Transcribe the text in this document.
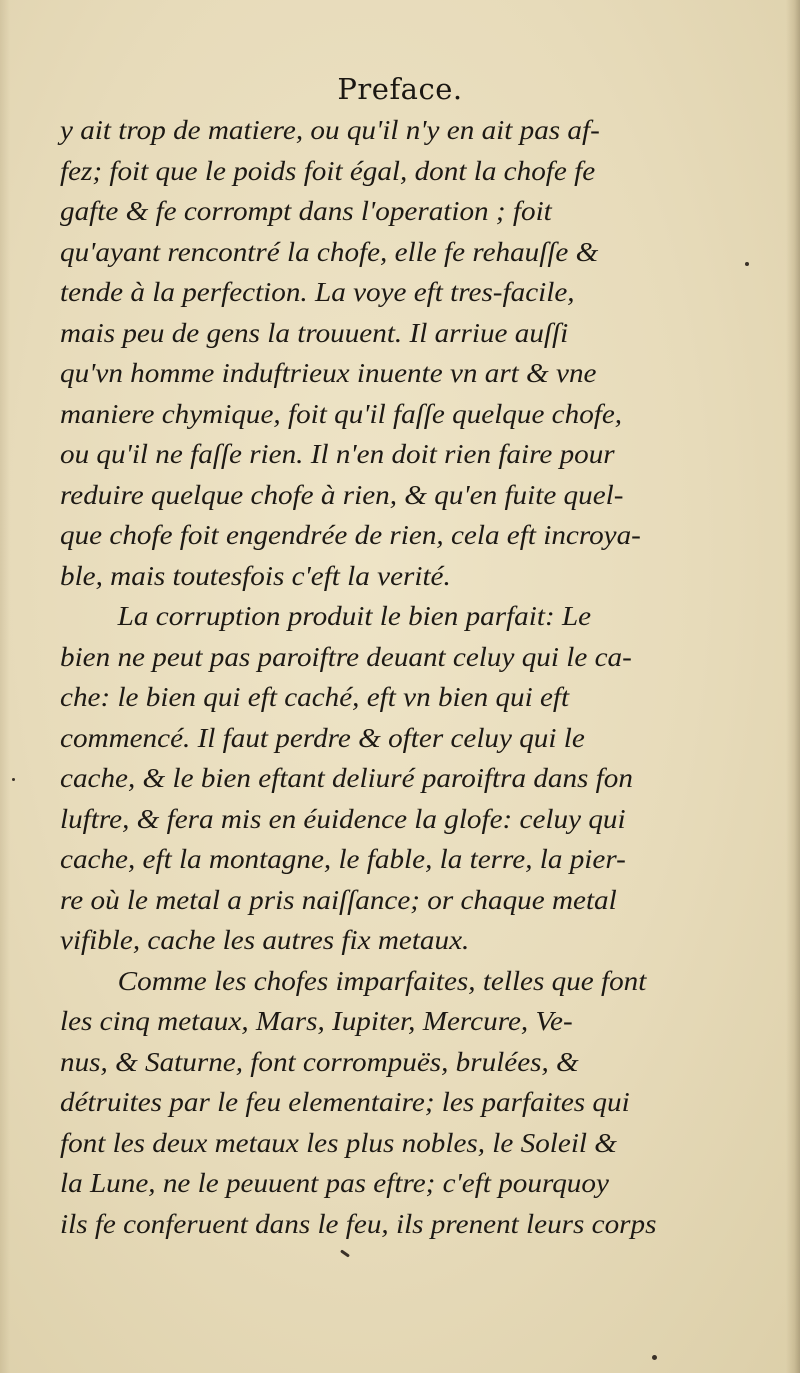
Preface.

y ait trop de matiere, ou qu'il n'y en ait pas af-
fez; foit que le poids foit égal, dont la chofe fe
gafte & fe corrompt dans l'operation ; foit
qu'ayant rencontré la chofe, elle fe rehauſſe &
tende à la perfection. La voye eft tres-facile,
mais peu de gens la trouuent. Il arriue auſſi
qu'vn homme induftrieux inuente vn art & vne
maniere chymique, foit qu'il faſſe quelque chofe,
ou qu'il ne faſſe rien. Il n'en doit rien faire pour
reduire quelque chofe à rien, & qu'en fuite quel-
que chofe foit engendrée de rien, cela eft incroya-
ble, mais toutesfois c'eft la verité.

La corruption produit le bien parfait: Le
bien ne peut pas paroiftre deuant celuy qui le ca-
che: le bien qui eft caché, eft vn bien qui eft
commencé. Il faut perdre & ofter celuy qui le
cache, & le bien eftant deliuré paroiftra dans fon
luftre, & fera mis en éuidence la glofe: celuy qui
cache, eft la montagne, le fable, la terre, la pier-
re où le metal a pris naiſſance; or chaque metal
vifible, cache les autres fix metaux.

Comme les chofes imparfaites, telles que font
les cinq metaux, Mars, Iupiter, Mercure, Ve-
nus, & Saturne, font corrompuës, brulées, &
détruites par le feu elementaire; les parfaites qui
font les deux metaux les plus nobles, le Soleil &
la Lune, ne le peuuent pas eftre; c'eft pourquoy
ils fe conferuent dans le feu, ils prenent leurs corps
